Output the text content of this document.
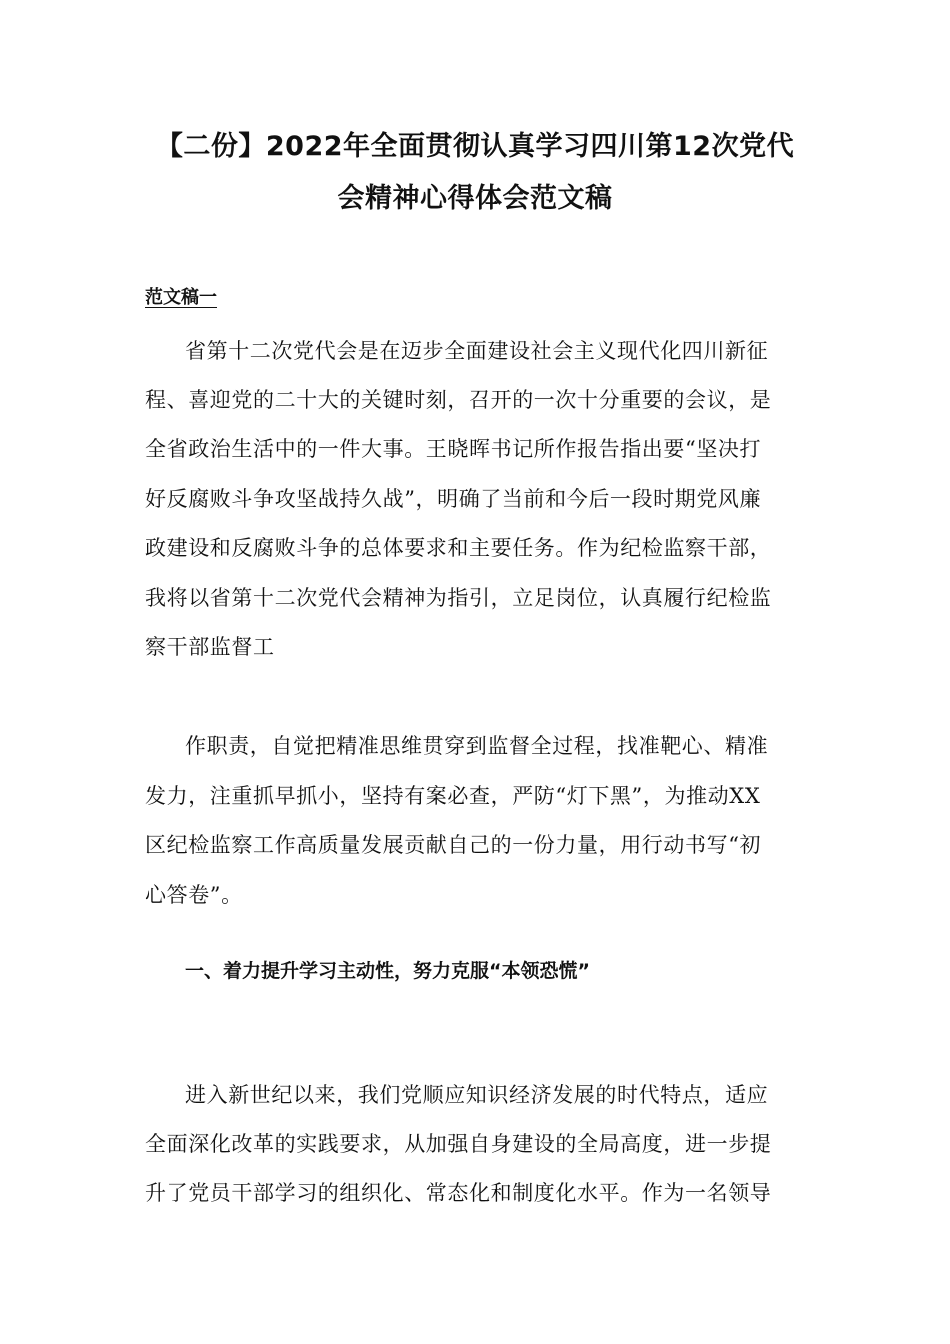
【二份】2022年全面贯彻认真学习四川第12次党代
会精神心得体会范文稿

范文稿一

省第十二次党代会是在迈步全面建设社会主义现代化四川新征

程、喜迎党的二十大的关键时刻，召开的一次十分重要的会议，是

全省政治生活中的一件大事。王晓晖书记所作报告指出要“坚决打

好反腐败斗争攻坚战持久战”，明确了当前和今后一段时期党风廉

政建设和反腐败斗争的总体要求和主要任务。作为纪检监察干部，

我将以省第十二次党代会精神为指引，立足岗位，认真履行纪检监

察干部监督工

作职责，自觉把精准思维贯穿到监督全过程，找准靶心、精准

发力，注重抓早抓小，坚持有案必查，严防“灯下黑”，为推动XX

区纪检监察工作高质量发展贡献自己的一份力量，用行动书写“初

心答卷”。

一、着力提升学习主动性，努力克服“本领恐慌”

进入新世纪以来，我们党顺应知识经济发展的时代特点，适应

全面深化改革的实践要求，从加强自身建设的全局高度，进一步提

升了党员干部学习的组织化、常态化和制度化水平。作为一名领导
